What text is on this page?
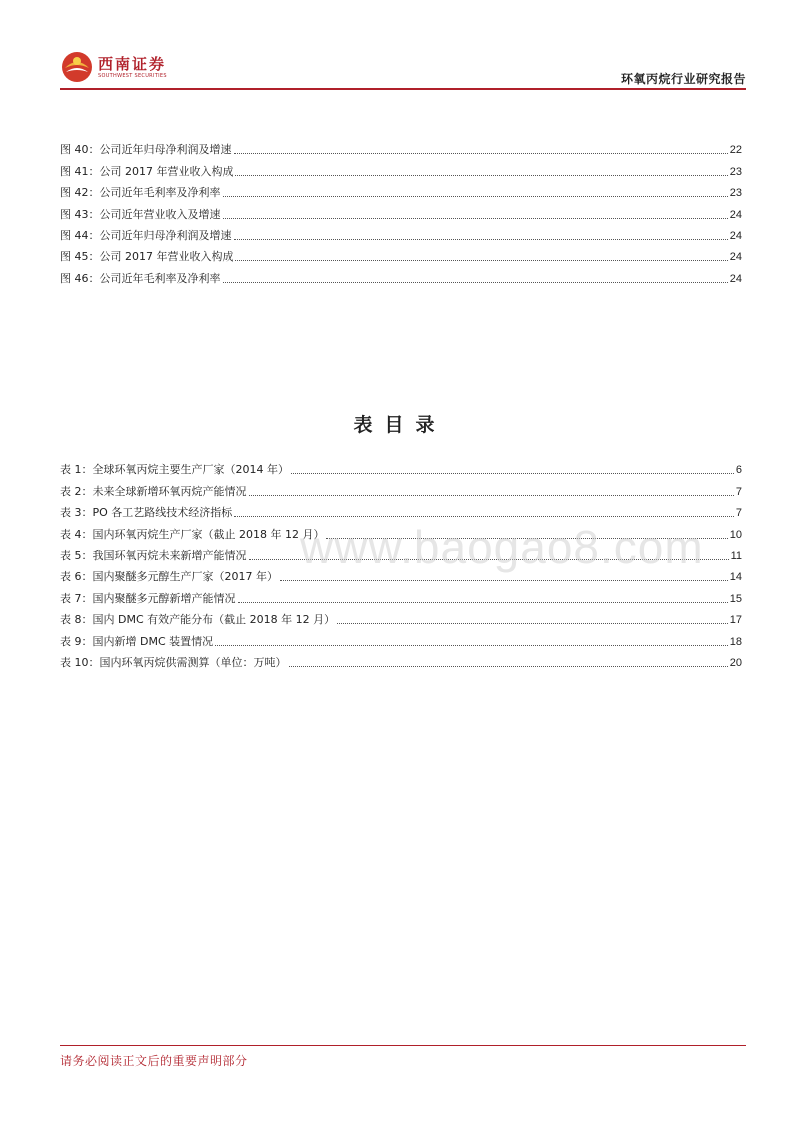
西南证券
SOUTHWEST SECURITIES	环氧丙烷行业研究报告
图 40：公司近年归母净利润及增速	22
图 41：公司 2017 年营业收入构成	23
图 42：公司近年毛利率及净利率	23
图 43：公司近年营业收入及增速	24
图 44：公司近年归母净利润及增速	24
图 45：公司 2017 年营业收入构成	24
图 46：公司近年毛利率及净利率	24
表目录
表 1：全球环氧丙烷主要生产厂家（2014 年）	6
表 2：未来全球新增环氧丙烷产能情况	7
表 3：PO 各工艺路线技术经济指标	7
表 4：国内环氧丙烷生产厂家（截止 2018 年 12 月）	10
表 5：我国环氧丙烷未来新增产能情况	11
表 6：国内聚醚多元醇生产厂家（2017 年）	14
表 7：国内聚醚多元醇新增产能情况	15
表 8：国内 DMC 有效产能分布（截止 2018 年 12 月）	17
表 9：国内新增 DMC 装置情况	18
表 10：国内环氧丙烷供需测算（单位：万吨）	20
www.baogao8.com
请务必阅读正文后的重要声明部分
